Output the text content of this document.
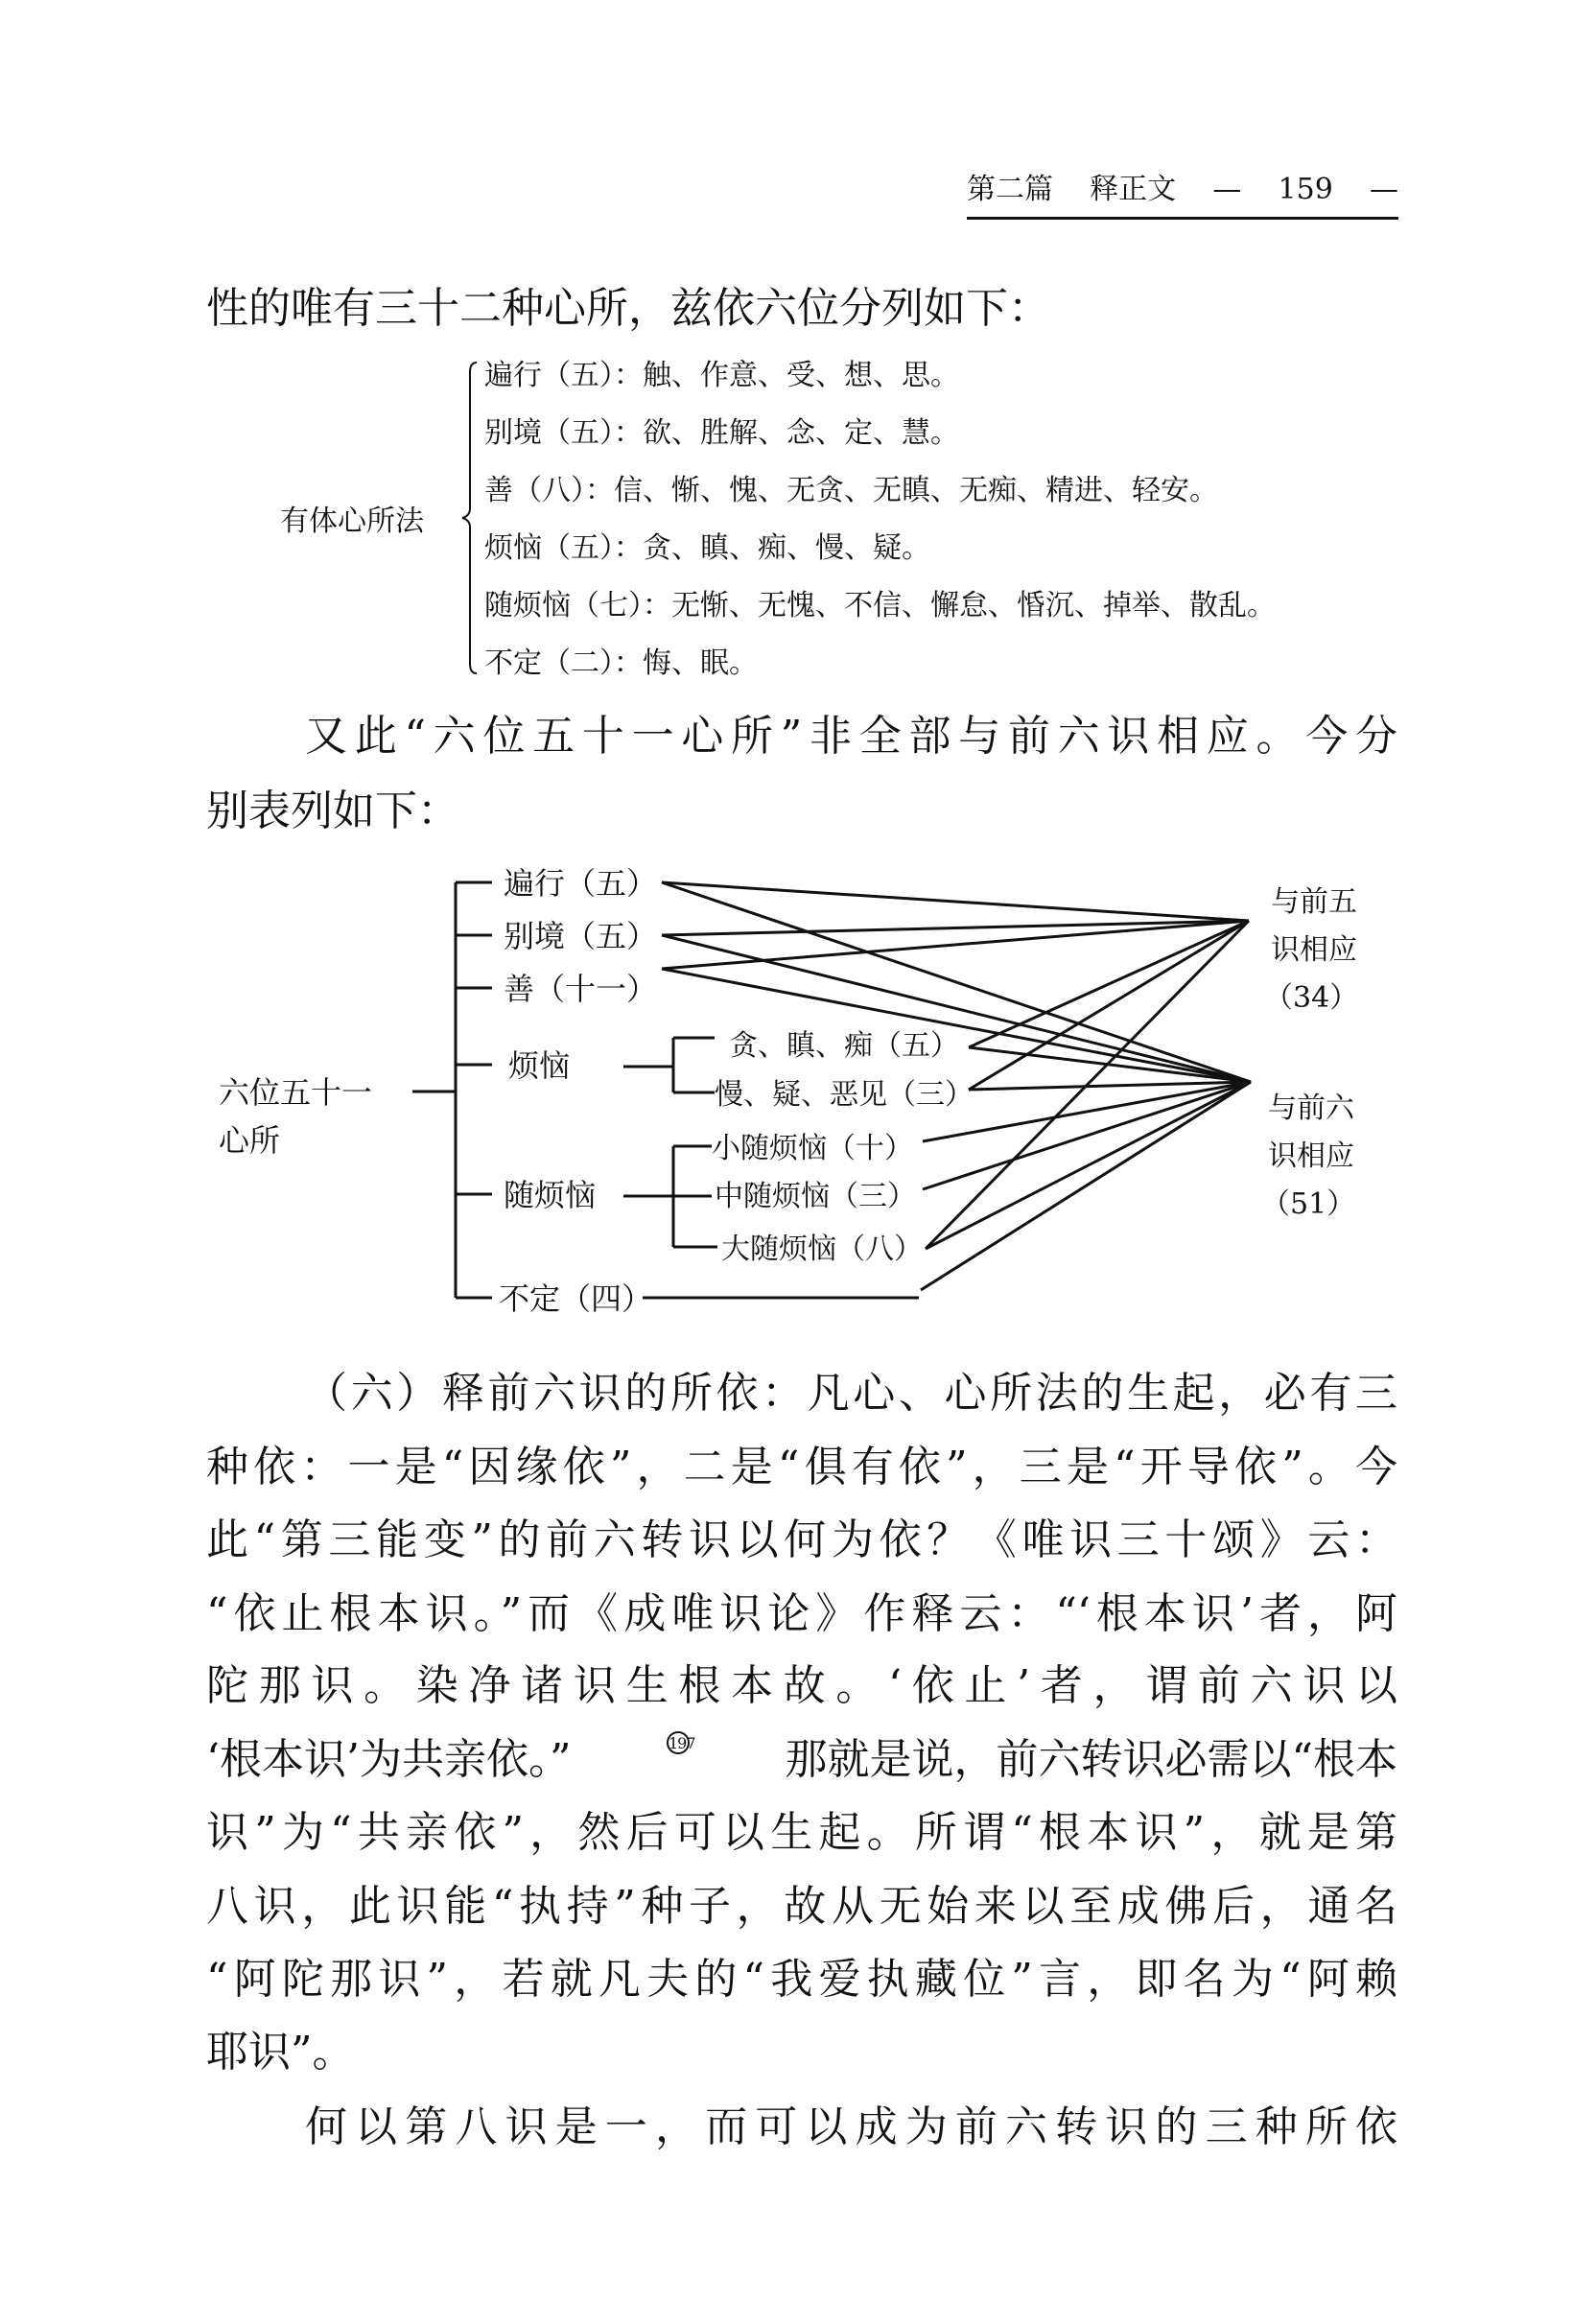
第二篇 释正文 — 159 —
性的唯有三十二种心所，兹依六位分列如下：
有体心所法
遍行（五）：触、作意、受、想、思。
别境（五）：欲、胜解、念、定、慧。
善（八）：信、惭、愧、无贪、无瞋、无痴、精进、轻安。
烦恼（五）：贪、瞋、痴、慢、疑。
随烦恼（七）：无惭、无愧、不信、懈怠、惛沉、掉举、散乱。
不定（二）：悔、眠。
又此“六位五十一心所”非全部与前六识相应。今分
别表列如下：
六位五十一
心所
遍行（五）
别境（五）
善（十一）
烦恼
随烦恼
不定（四）
贪、瞋、痴（五）
慢、疑、恶见（三）
小随烦恼（十）
中随烦恼（三）
大随烦恼（八）
与前五
识相应
（34）
与前六
识相应
（51）
（六）释前六识的所依：凡心、心所法的生起，必有三
种依：一是“因缘依”，二是“俱有依”，三是“开导依”。今
此“第三能变”的前六转识以何为依？《唯识三十颂》云：
“依止根本识。”而《成唯识论》作释云：“‘根本识’者，阿
陀那识。染净诸识生根本故。‘依止’者，谓前六识以
‘根本识’为共亲依。”	197 那就是说，前六转识必需以“根本
识”为“共亲依”，然后可以生起。所谓“根本识”，就是第
八识，此识能“执持”种子，故从无始来以至成佛后，通名
“阿陀那识”，若就凡夫的“我爱执藏位”言，即名为“阿赖
耶识”。
何以第八识是一，而可以成为前六转识的三种所依
